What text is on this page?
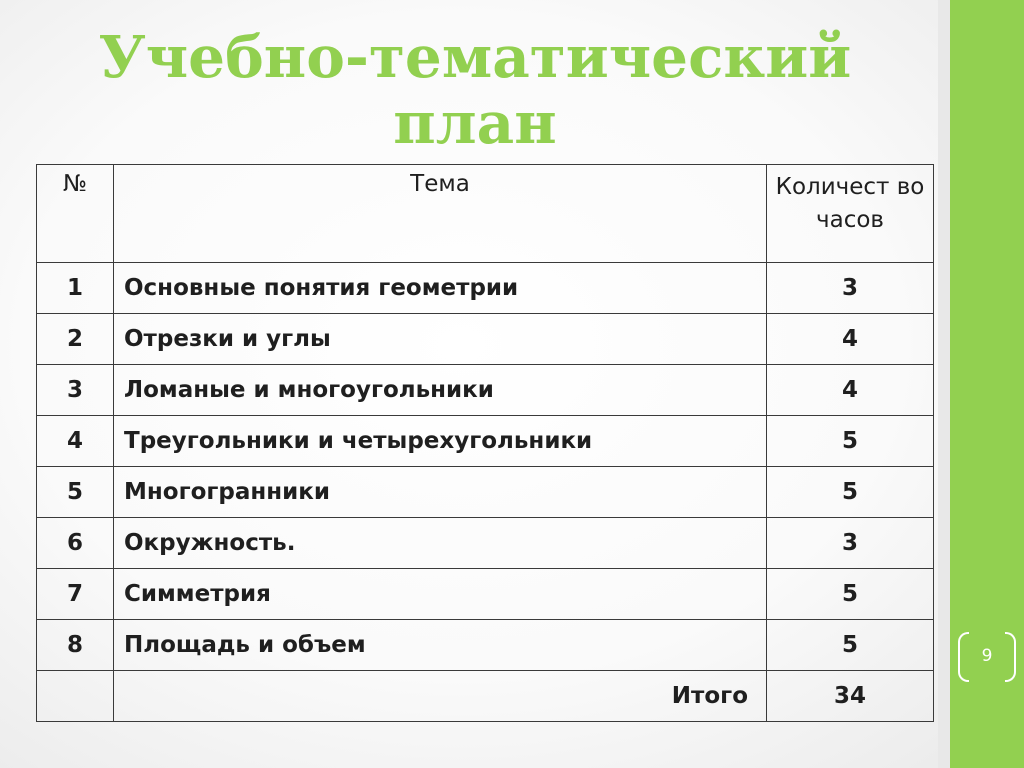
Учебно-тематический
план
№	Тема	Количест во часов
1	Основные понятия геометрии	3
2	Отрезки и углы	4
3	Ломаные и многоугольники	4
4	Треугольники и четырехугольники	5
5	Многогранники	5
6	Окружность.	3
7	Симметрия	5
8	Площадь и объем	5
	Итого	34
9
